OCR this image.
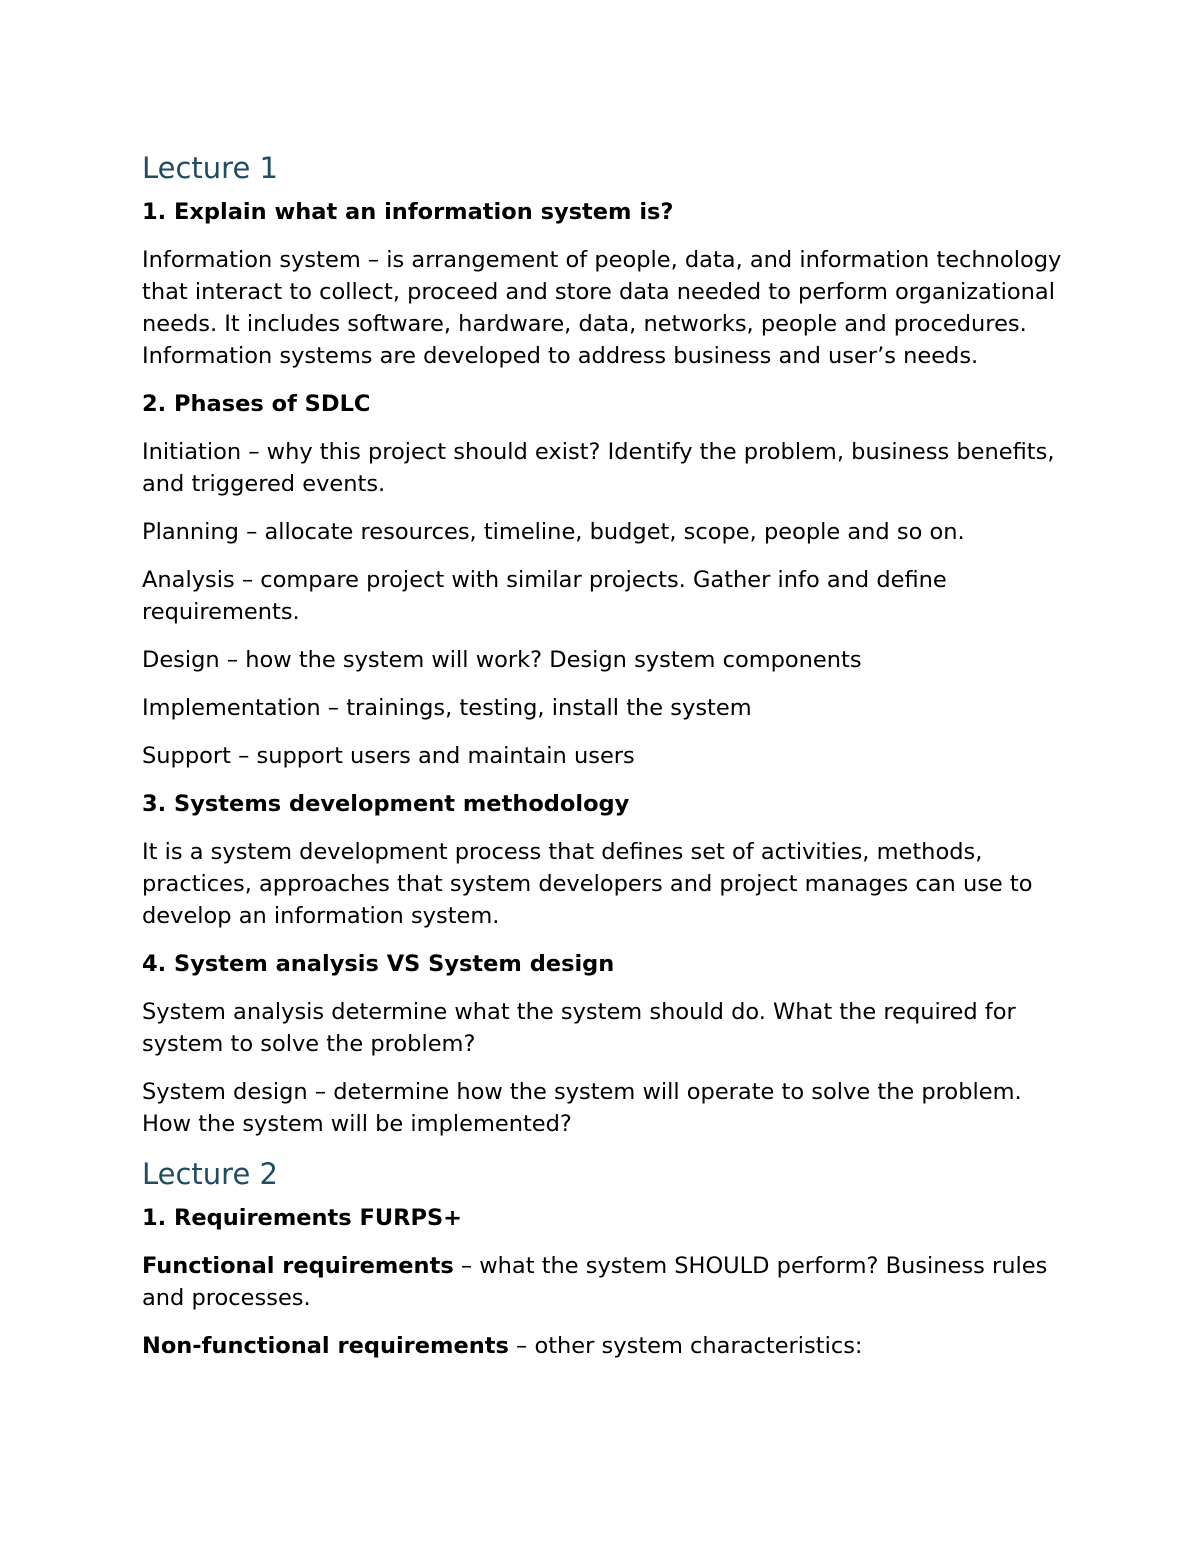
Lecture 1
1. Explain what an information system is?
Information system – is arrangement of people, data, and information technology that interact to collect, proceed and store data needed to perform organizational needs. It includes software, hardware, data, networks, people and procedures. Information systems are developed to address business and user’s needs.
2. Phases of SDLC
Initiation – why this project should exist? Identify the problem, business benefits, and triggered events.
Planning – allocate resources, timeline, budget, scope, people and so on.
Analysis – compare project with similar projects. Gather info and define requirements.
Design – how the system will work? Design system components
Implementation – trainings, testing, install the system
Support – support users and maintain users
3. Systems development methodology
It is a system development process that defines set of activities, methods, practices, approaches that system developers and project manages can use to develop an information system.
4. System analysis VS System design
System analysis determine what the system should do. What the required for system to solve the problem?
System design – determine how the system will operate to solve the problem. How the system will be implemented?
Lecture 2
1. Requirements FURPS+
Functional requirements – what the system SHOULD perform? Business rules and processes.
Non-functional requirements – other system characteristics:
